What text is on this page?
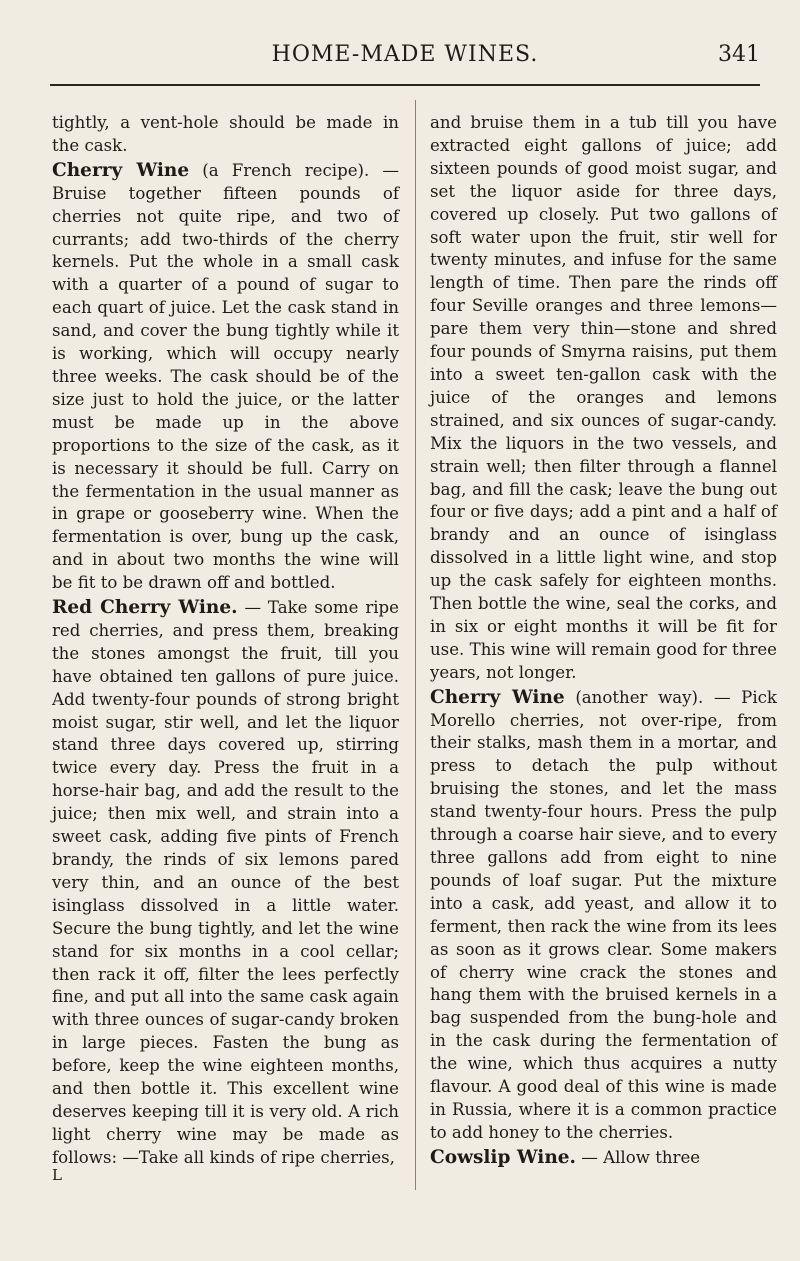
HOME-MADE WINES.	341

tightly, a vent-hole should be made in the cask.

Cherry Wine (a French recipe). —Bruise together fifteen pounds of cherries not quite ripe, and two of currants; add two-thirds of the cherry kernels. Put the whole in a small cask with a quarter of a pound of sugar to each quart of juice. Let the cask stand in sand, and cover the bung tightly while it is working, which will occupy nearly three weeks. The cask should be of the size just to hold the juice, or the latter must be made up in the above proportions to the size of the cask, as it is necessary it should be full. Carry on the fermentation in the usual manner as in grape or gooseberry wine. When the fermentation is over, bung up the cask, and in about two months the wine will be fit to be drawn off and bottled.

Red Cherry Wine. — Take some ripe red cherries, and press them, breaking the stones amongst the fruit, till you have obtained ten gallons of pure juice. Add twenty-four pounds of strong bright moist sugar, stir well, and let the liquor stand three days covered up, stirring twice every day. Press the fruit in a horse-hair bag, and add the result to the juice; then mix well, and strain into a sweet cask, adding five pints of French brandy, the rinds of six lemons pared very thin, and an ounce of the best isinglass dissolved in a little water. Secure the bung tightly, and let the wine stand for six months in a cool cellar; then rack it off, filter the lees perfectly fine, and put all into the same cask again with three ounces of sugar-candy broken in large pieces. Fasten the bung as before, keep the wine eighteen months, and then bottle it. This excellent wine deserves keeping till it is very old. A rich light cherry wine may be made as follows: —Take all kinds of ripe cherries,

L

and bruise them in a tub till you have extracted eight gallons of juice; add sixteen pounds of good moist sugar, and set the liquor aside for three days, covered up closely. Put two gallons of soft water upon the fruit, stir well for twenty minutes, and infuse for the same length of time. Then pare the rinds off four Seville oranges and three lemons— pare them very thin—stone and shred four pounds of Smyrna raisins, put them into a sweet ten-gallon cask with the juice of the oranges and lemons strained, and six ounces of sugar-candy. Mix the liquors in the two vessels, and strain well; then filter through a flannel bag, and fill the cask; leave the bung out four or five days; add a pint and a half of brandy and an ounce of isinglass dissolved in a little light wine, and stop up the cask safely for eighteen months. Then bottle the wine, seal the corks, and in six or eight months it will be fit for use. This wine will remain good for three years, not longer.

Cherry Wine (another way). — Pick Morello cherries, not over-ripe, from their stalks, mash them in a mortar, and press to detach the pulp without bruising the stones, and let the mass stand twenty-four hours. Press the pulp through a coarse hair sieve, and to every three gallons add from eight to nine pounds of loaf sugar. Put the mixture into a cask, add yeast, and allow it to ferment, then rack the wine from its lees as soon as it grows clear. Some makers of cherry wine crack the stones and hang them with the bruised kernels in a bag suspended from the bung-hole and in the cask during the fermentation of the wine, which thus acquires a nutty flavour. A good deal of this wine is made in Russia, where it is a common practice to add honey to the cherries.

Cowslip Wine. — Allow three
